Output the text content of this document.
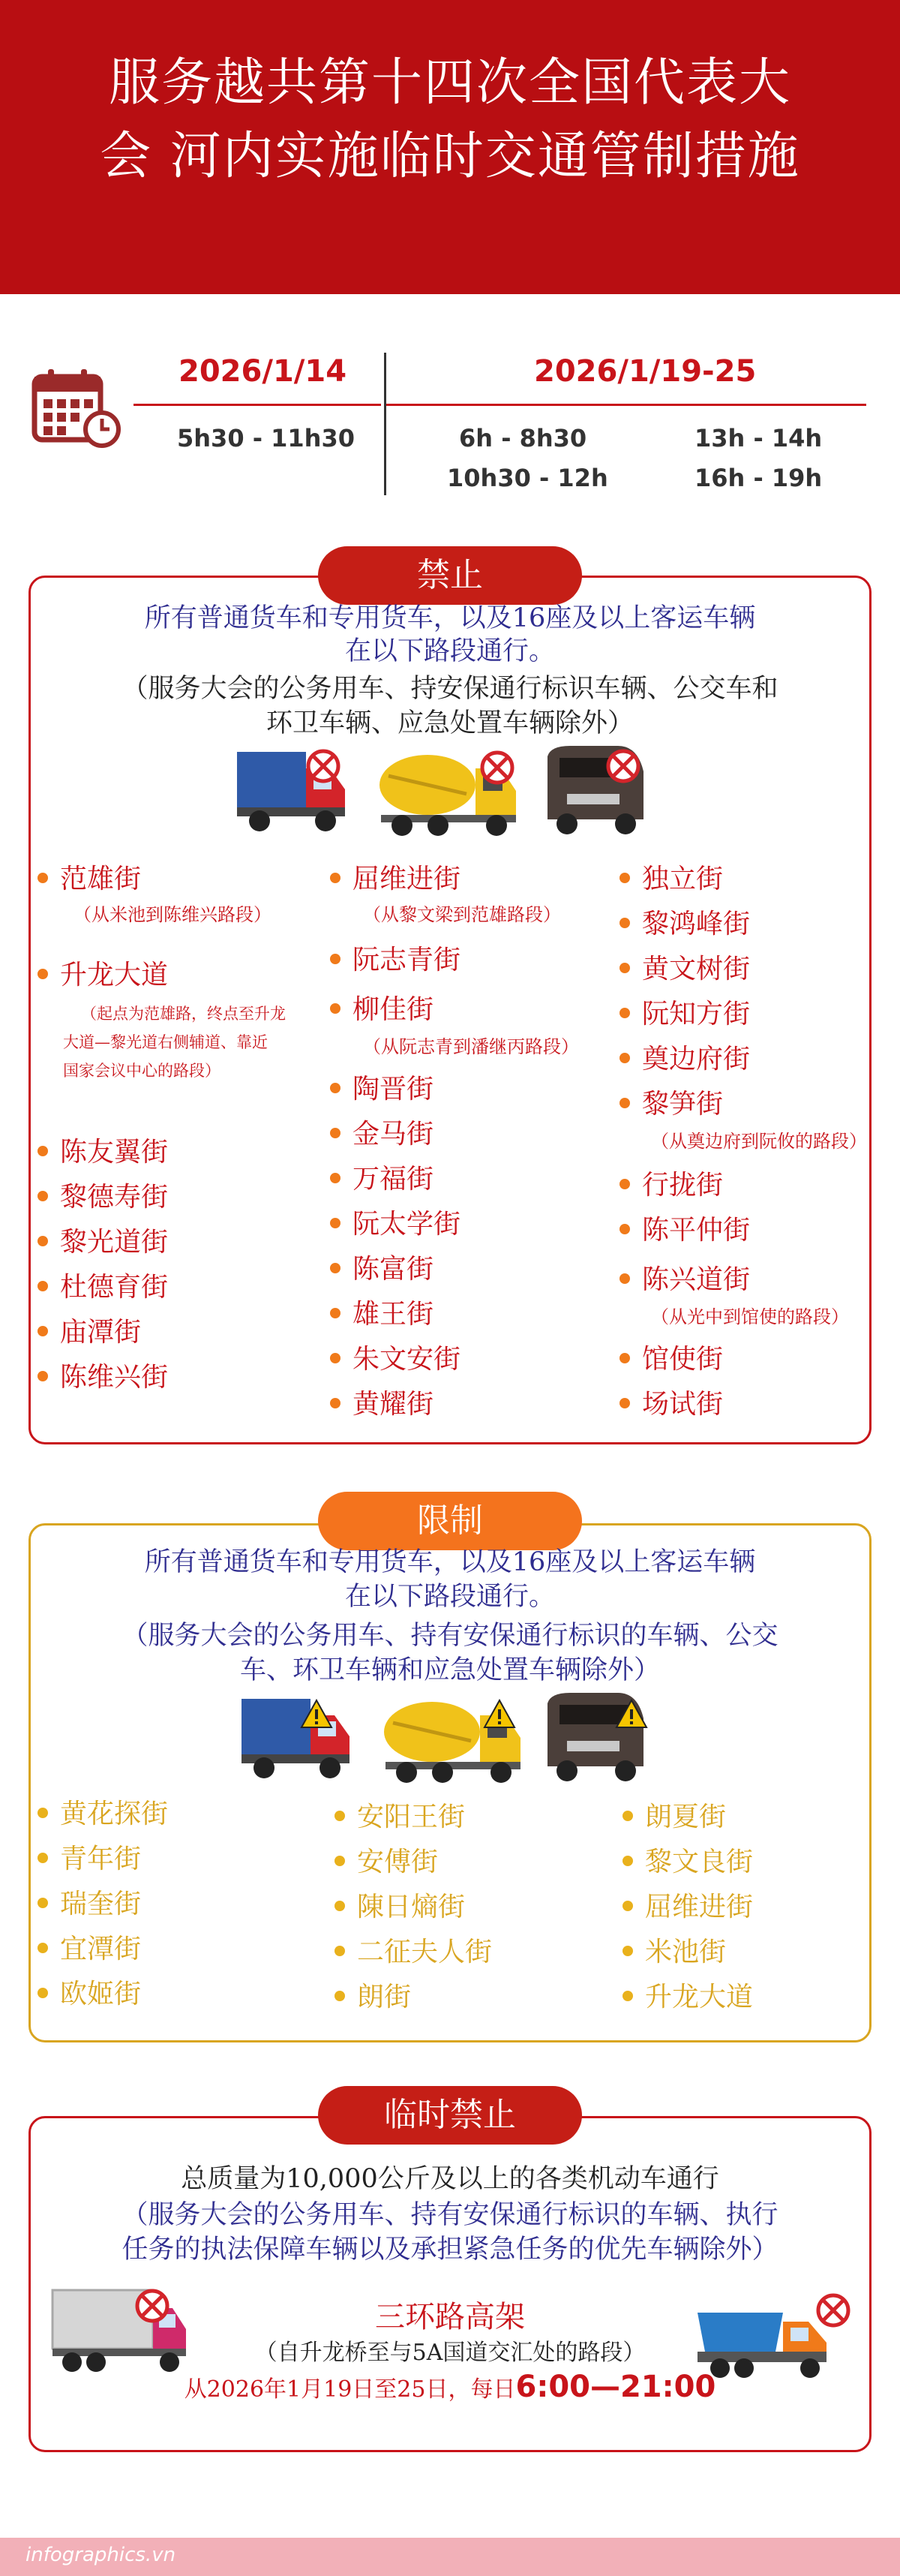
服务越共第十四次全国代表大
会 河内实施临时交通管制措施
2026/1/14
5h30 - 11h30
2026/1/19-25
6h - 8h30	13h - 14h
10h30 - 12h	16h - 19h
禁止
所有普通货车和专用货车，以及16座及以上客运车辆
在以下路段通行。
（服务大会的公务用车、持安保通行标识车辆、公交车和
环卫车辆、应急处置车辆除外）
范雄街
（从米池到陈维兴路段）
升龙大道
（起点为范雄路，终点至升龙
大道—黎光道右侧辅道、靠近
国家会议中心的路段）
陈友翼街
黎德寿街
黎光道街
杜德育街
庙潭街
陈维兴街
屈维进街
（从黎文梁到范雄路段）
阮志青街
柳佳街
（从阮志青到潘继丙路段）
陶晋街
金马街
万福街
阮太学街
陈富街
雄王街
朱文安街
黄耀街
独立街
黎鸿峰街
黄文树街
阮知方街
奠边府街
黎笋街
（从奠边府到阮攸的路段）
行拢街
陈平仲街
陈兴道街
（从光中到馆使的路段）
馆使街
场试街
限制
所有普通货车和专用货车，以及16座及以上客运车辆
在以下路段通行。
（服务大会的公务用车、持有安保通行标识的车辆、公交
车、环卫车辆和应急处置车辆除外）
黄花探街
青年街
瑞奎街
宜潭街
欧姬街
安阳王街
安傅街
陳日熵街
二征夫人街
朗街
朗夏街
黎文良街
屈维进街
米池街
升龙大道
临时禁止
总质量为10,000公斤及以上的各类机动车通行
（服务大会的公务用车、持有安保通行标识的车辆、执行
任务的执法保障车辆以及承担紧急任务的优先车辆除外）
三环路高架
（自升龙桥至与5A国道交汇处的路段）
从2026年1月19日至25日，每日6:00—21:00
infographics.vn
